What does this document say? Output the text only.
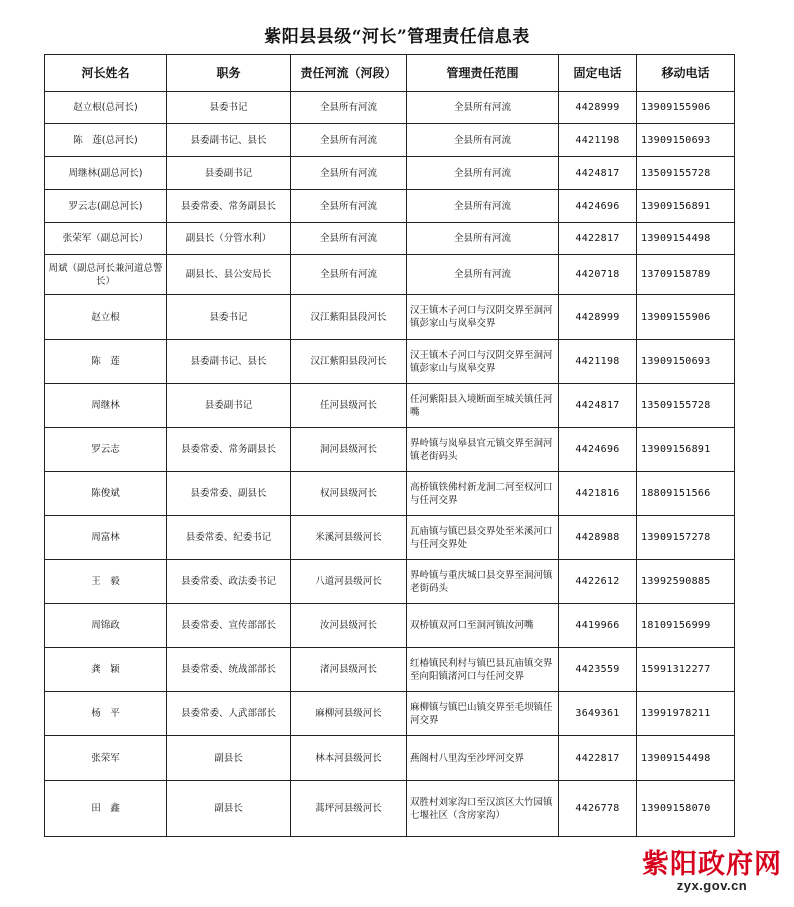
紫阳县县级“河长”管理责任信息表
河长姓名	职务	责任河流（河段）	管理责任范围	固定电话	移动电话
赵立根(总河长)	县委书记	全县所有河流	全县所有河流	4428999	13909155906
陈　莲(总河长)	县委副书记、县长	全县所有河流	全县所有河流	4421198	13909150693
周继林(副总河长)	县委副书记	全县所有河流	全县所有河流	4424817	13509155728
罗云志(副总河长)	县委常委、常务副县长	全县所有河流	全县所有河流	4424696	13909156891
张荣军（副总河长）	副县长（分管水利）	全县所有河流	全县所有河流	4422817	13909154498
周斌（副总河长兼河道总警长）	副县长、县公安局长	全县所有河流	全县所有河流	4420718	13709158789
赵立根	县委书记	汉江紫阳县段河长	汉王镇木子河口与汉阴交界至洞河镇彭家山与岚皋交界	4428999	13909155906
陈　莲	县委副书记、县长	汉江紫阳县段河长	汉王镇木子河口与汉阴交界至洞河镇彭家山与岚皋交界	4421198	13909150693
周继林	县委副书记	任河县级河长	任河紫阳县入境断面至城关镇任河嘴	4424817	13509155728
罗云志	县委常委、常务副县长	洞河县级河长	界岭镇与岚皋县官元镇交界至洞河镇老街码头	4424696	13909156891
陈俊斌	县委常委、副县长	权河县级河长	高桥镇铁佛村新龙洞二河至权河口与任河交界	4421816	18809151566
周富林	县委常委、纪委书记	米溪河县级河长	瓦庙镇与镇巴县交界处至米溪河口与任河交界处	4428988	13909157278
王　毅	县委常委、政法委书记	八道河县级河长	界岭镇与重庆城口县交界至洞河镇老街码头	4422612	13992590885
周锦政	县委常委、宣传部部长	汝河县级河长	双桥镇双河口至洞河镇汝河嘴	4419966	18109156999
龚　颖	县委常委、统战部部长	渚河县级河长	红椿镇民利村与镇巴县瓦庙镇交界至向阳镇渚河口与任河交界	4423559	15991312277
杨　平	县委常委、人武部部长	麻柳河县级河长	麻柳镇与镇巴山镇交界至毛坝镇任河交界	3649361	13991978211
张荣军	副县长	林本河县级河长	燕阁村八里沟至沙坪河交界	4422817	13909154498
田　鑫	副县长	蒿坪河县级河长	双胜村刘家沟口至汉滨区大竹园镇七堰社区（含房家沟）	4426778	13909158070
紫阳政府网
zyx.gov.cn
